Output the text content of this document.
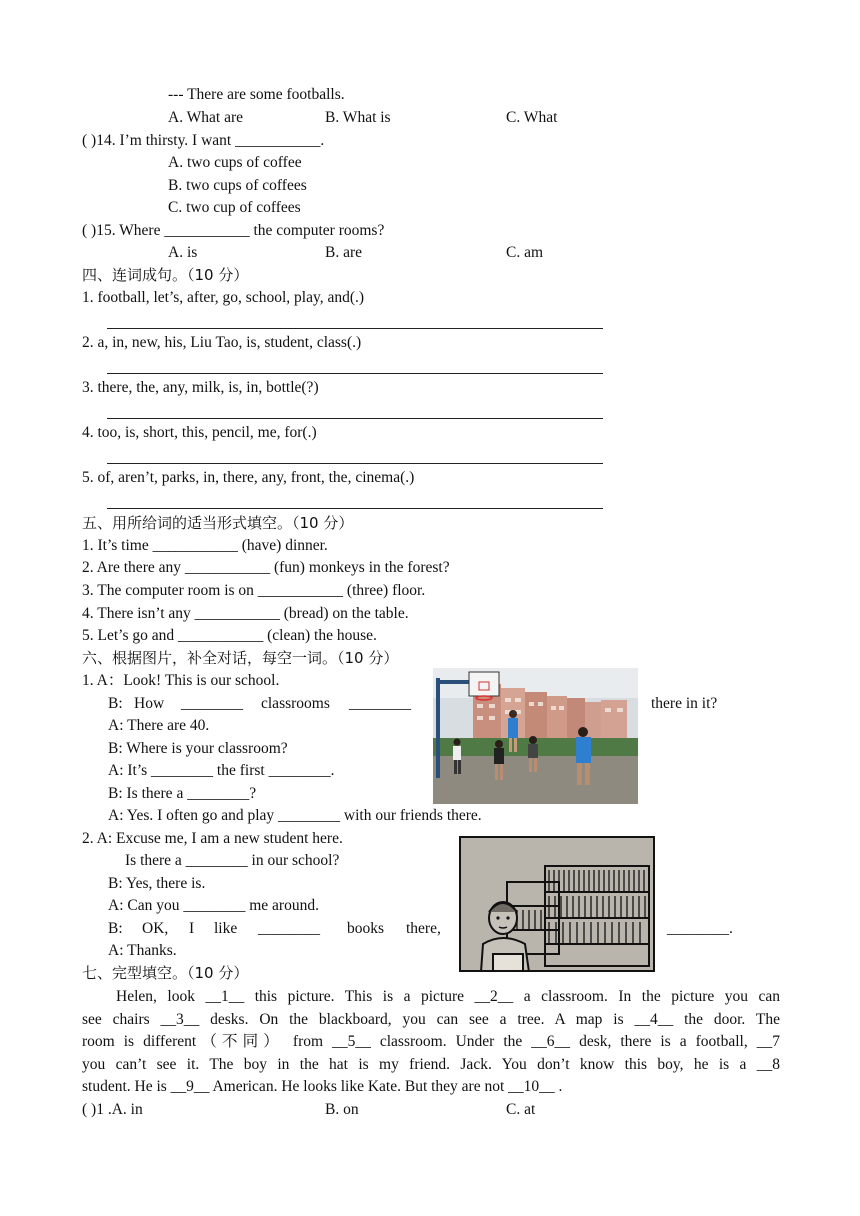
--- There are some footballs.
A. What are	B. What is	C. What
( )14. I’m thirsty. I want ___________.
A. two cups of coffee
B. two cups of coffees
C. two cup of coffees
( )15. Where ___________ the computer rooms?
A. is	B. are	C. am
四、连词成句。（10 分）
1. football, let’s, after, go, school, play, and(.)
2. a, in, new, his, Liu Tao, is, student, class(.)
3. there, the, any, milk, is, in, bottle(?)
4. too, is, short, this, pencil, me, for(.)
5. of, aren’t, parks, in, there, any, front, the, cinema(.)
五、用所给词的适当形式填空。（10 分）
1. It’s time ___________ (have) dinner.
2. Are there any ___________ (fun) monkeys in the forest?
3. The computer room is on ___________ (three) floor.
4. There isn’t any ___________ (bread) on the table.
5. Let’s go and ___________ (clean) the house.
六、根据图片，补全对话，每空一词。（10 分）
1. A：Look! This is our school.
B: How ________ classrooms ________	there in it?
A: There are 40.
B: Where is your classroom?
A: It’s ________ the first ________.
B: Is there a ________?
A: Yes. I often go and play ________ with our friends there.
2. A: Excuse me, I am a new student here.
Is there a ________ in our school?
B: Yes, there is.
A: Can you ________ me around.
B: OK, I like ________ books there,	________.
A: Thanks.
七、完型填空。（10 分）
Helen, look __1__ this picture. This is a picture __2__ a classroom. In the picture you can
see chairs __3__ desks. On the blackboard, you can see a tree. A map is __4__ the door. The
room is different（不同） from __5__ classroom. Under the __6__ desk, there is a football, __7
you can’t see it. The boy in the hat is my friend. Jack. You don’t know this boy, he is a __8
student. He is __9__ American. He looks like Kate. But they are not __10__ .
( )1 .A. in	B. on	C. at
